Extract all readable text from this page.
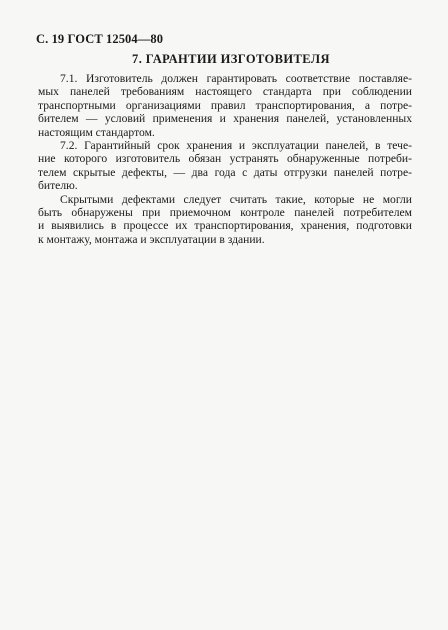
С. 19 ГОСТ 12504—80
7. ГАРАНТИИ ИЗГОТОВИТЕЛЯ
7.1. Изготовитель должен гарантировать соответствие поставляе-
мых панелей требованиям настоящего стандарта при соблюдении
транспортными организациями правил транспортирования, а потре-
бителем — условий применения и хранения панелей, установленных
настоящим стандартом.
7.2. Гарантийный срок хранения и эксплуатации панелей, в тече-
ние которого изготовитель обязан устранять обнаруженные потреби-
телем скрытые дефекты, — два года с даты отгрузки панелей потре-
бителю.
Скрытыми дефектами следует считать такие, которые не могли
быть обнаружены при приемочном контроле панелей потребителем
и выявились в процессе их транспортирования, хранения, подготовки
к монтажу, монтажа и эксплуатации в здании.
